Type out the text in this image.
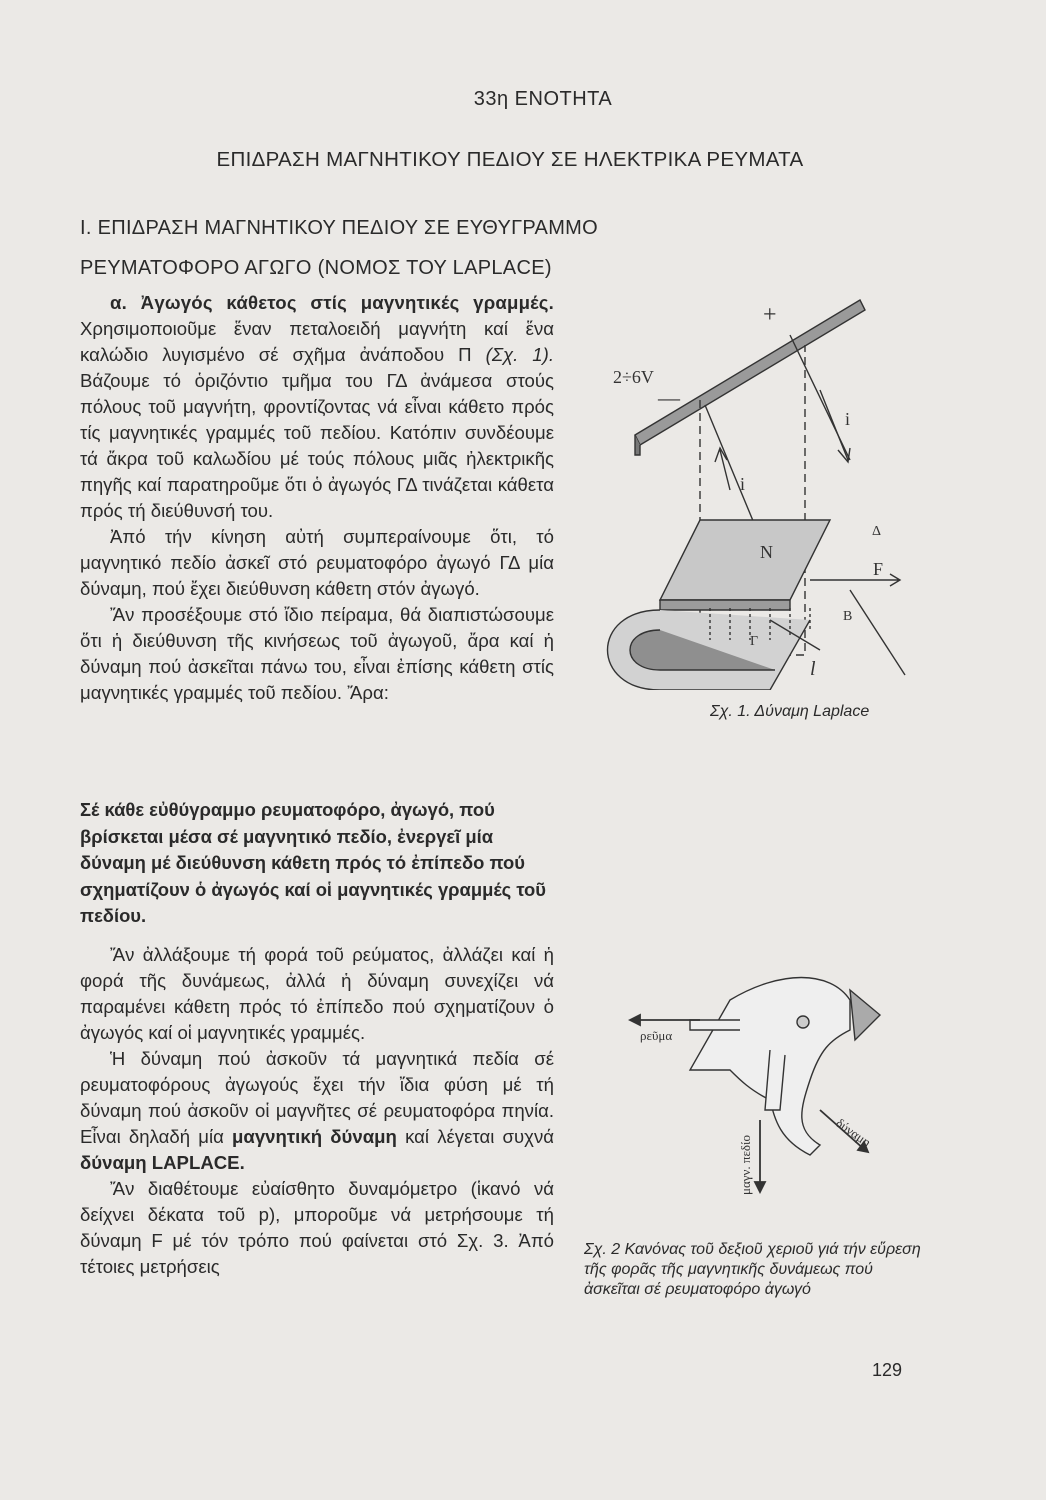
33η ΕΝΟΤΗΤΑ
ΕΠΙΔΡΑΣΗ ΜΑΓΝΗΤΙΚΟΥ ΠΕΔΙΟΥ ΣΕ ΗΛΕΚΤΡΙΚΑ ΡΕΥΜΑΤΑ
Ι. ΕΠΙΔΡΑΣΗ ΜΑΓΝΗΤΙΚΟΥ ΠΕΔΙΟΥ ΣΕ ΕΥΘΥΓΡΑΜΜΟ
ΡΕΥΜΑΤΟΦΟΡΟ ΑΓΩΓΟ (ΝΟΜΟΣ ΤΟΥ LAPLACE)

α. Ἀγωγός κάθετος στίς μαγνητικές γραμμές. Χρησιμοποιοῦμε ἕναν πεταλοειδή μαγνήτη καί ἕνα καλώδιο λυγισμένο σέ σχῆμα ἀνάποδου Π (Σχ. 1). Βάζουμε τό ὁριζόντιο τμῆμα του ΓΔ ἀνάμεσα στούς πόλους τοῦ μαγνήτη, φροντίζοντας νά εἶναι κάθετο πρός τίς μαγνητικές γραμμές τοῦ πεδίου. Κατόπιν συνδέουμε τά ἄκρα τοῦ καλωδίου μέ τούς πόλους μιᾶς ἠλεκτρικῆς πηγῆς καί παρατηροῦμε ὅτι ὁ ἀγωγός ΓΔ τινάζεται κάθετα πρός τή διεύθυνσή του.

Ἀπό τήν κίνηση αὐτή συμπεραίνουμε ὅτι, τό μαγνητικό πεδίο ἀσκεῖ στό ρευματοφόρο ἀγωγό ΓΔ μία δύναμη, πού ἔχει διεύθυνση κάθετη στόν ἀγωγό.

Ἄν προσέξουμε στό ἴδιο πείραμα, θά διαπιστώσουμε ὅτι ἡ διεύθυνση τῆς κινήσεως τοῦ ἀγωγοῦ, ἄρα καί ἡ δύναμη πού ἀσκεῖται πάνω του, εἶναι ἐπίσης κάθετη στίς μαγνητικές γραμμές τοῦ πεδίου. Ἄρα:

Σέ κάθε εὐθύγραμμο ρευματοφόρο, ἀγωγό, πού βρίσκεται μέσα σέ μαγνητικό πεδίο, ἐνεργεῖ μία δύναμη μέ διεύθυνση κάθετη πρός τό ἐπίπεδο πού σχηματίζουν ὁ ἀγωγός καί οἱ μαγνητικές γραμμές τοῦ πεδίου.

Ἄν ἀλλάξουμε τή φορά τοῦ ρεύματος, ἀλλάζει καί ἡ φορά τῆς δυνάμεως, ἀλλά ἡ δύναμη συνεχίζει νά παραμένει κάθετη πρός τό ἐπίπεδο πού σχηματίζουν ὁ ἀγωγός καί οἱ μαγνητικές γραμμές.

Ἡ δύναμη πού ἀσκοῦν τά μαγνητικά πεδία σέ ρευματοφόρους ἀγωγούς ἔχει τήν ἴδια φύση μέ τή δύναμη πού ἀσκοῦν οἱ μαγνῆτες σέ ρευματοφόρα πηνία. Εἶναι δηλαδή μία μαγνητική δύναμη καί λέγεται συχνά δύναμη LAPLACE.

Ἄν διαθέτουμε εὐαίσθητο δυναμόμετρο (ἱκανό νά δείχνει δέκατα τοῦ p), μποροῦμε νά μετρήσουμε τή δύναμη F μέ τόν τρόπο πού φαίνεται στό Σχ. 3. Ἀπό τέτοιες μετρήσεις

2÷6V
+
—
i
i
N
F
Δ
Γ
B
l
Σχ. 1. Δύναμη Laplace
ρεῦμα
μαγν. πεδίο
δύναμη
Σχ. 2 Κανόνας τοῦ δεξιοῦ χεριοῦ γιά τήν εὕρεση τῆς φορᾶς τῆς μαγνητικῆς δυνάμεως πού ἀσκεῖται σέ ρευματοφόρο ἀγωγό
129
